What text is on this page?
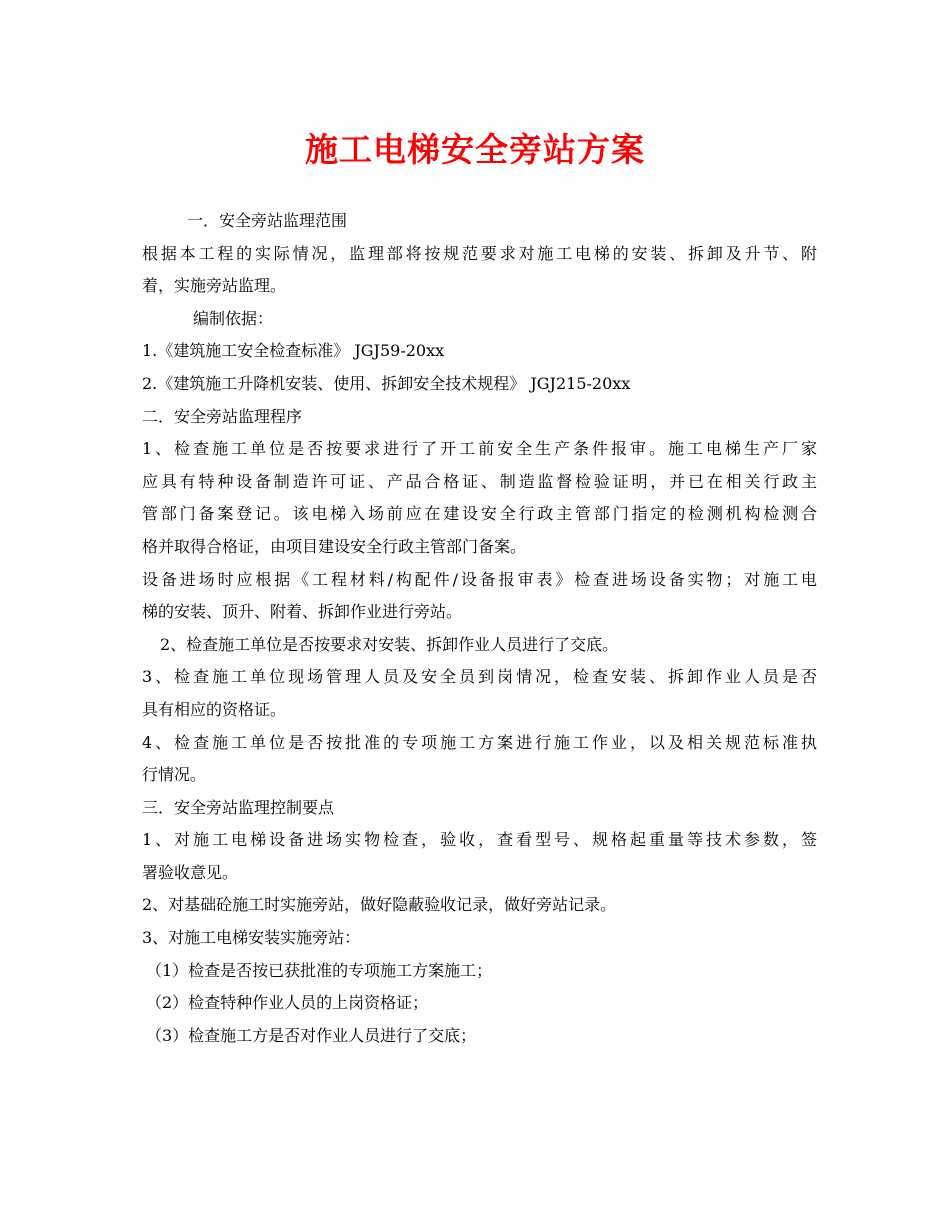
施工电梯安全旁站方案
一．安全旁站监理范围
根据本工程的实际情况，监理部将按规范要求对施工电梯的安装、拆卸及升节、附
着，实施旁站监理。
编制依据：
1.《建筑施工安全检查标准》 JGJ59-20xx
2.《建筑施工升降机安装、使用、拆卸安全技术规程》 JGJ215-20xx
二．安全旁站监理程序
1、检查施工单位是否按要求进行了开工前安全生产条件报审。施工电梯生产厂家
应具有特种设备制造许可证、产品合格证、制造监督检验证明，并已在相关行政主
管部门备案登记。该电梯入场前应在建设安全行政主管部门指定的检测机构检测合
格并取得合格证，由项目建设安全行政主管部门备案。
设备进场时应根据《工程材料/构配件/设备报审表》检查进场设备实物；对施工电
梯的安装、顶升、附着、拆卸作业进行旁站。
2、检查施工单位是否按要求对安装、拆卸作业人员进行了交底。
3、检查施工单位现场管理人员及安全员到岗情况，检查安装、拆卸作业人员是否
具有相应的资格证。
4、检查施工单位是否按批准的专项施工方案进行施工作业，以及相关规范标准执
行情况。
三．安全旁站监理控制要点
1、对施工电梯设备进场实物检查，验收，查看型号、规格起重量等技术参数，签
署验收意见。
2、对基础砼施工时实施旁站，做好隐蔽验收记录，做好旁站记录。
3、对施工电梯安装实施旁站：
（1）检查是否按已获批准的专项施工方案施工；
（2）检查特种作业人员的上岗资格证；
（3）检查施工方是否对作业人员进行了交底；
